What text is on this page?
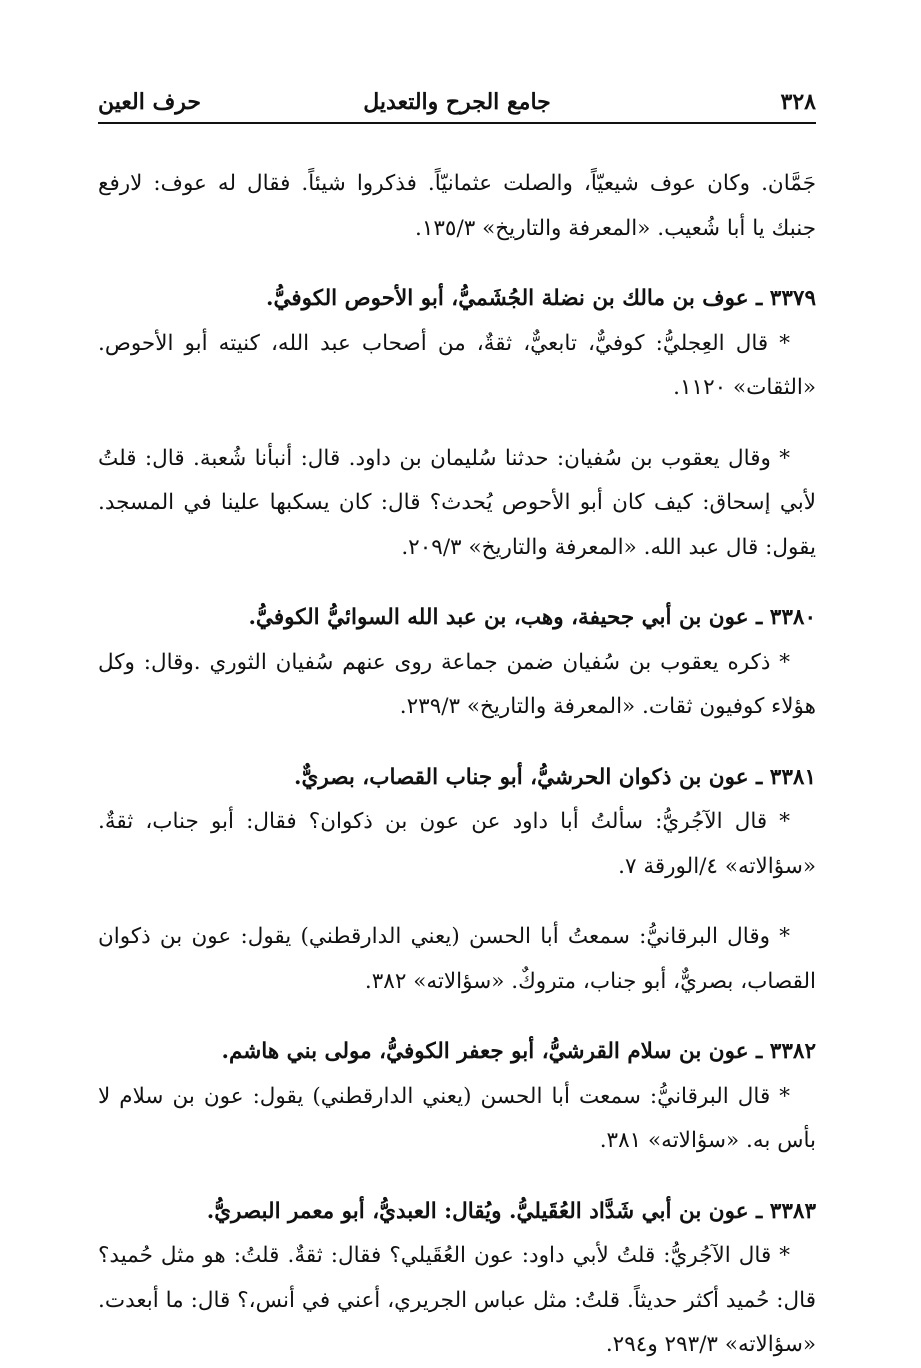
٣٢٨
جامع الجرح والتعديل
حرف العين

جَمَّان. وكان عوف شيعيّاً، والصلت عثمانيّاً. فذكروا شيئاً. فقال له عوف: لارفع جنبك يا أبا شُعيب. «المعرفة والتاريخ» ١٣٥/٣.

٣٣٧٩ ـ عوف بن مالك بن نضلة الجُشَميُّ، أبو الأحوص الكوفيُّ.

* قال العِجليُّ: كوفيٌّ، تابعيٌّ، ثقةٌ، من أصحاب عبد الله، كنيته أبو الأحوص. «الثقات» ١١٢٠.

* وقال يعقوب بن سُفيان: حدثنا سُليمان بن داود. قال: أنبأنا شُعبة. قال: قلتُ لأبي إسحاق: كيف كان أبو الأحوص يُحدث؟ قال: كان يسكبها علينا في المسجد. يقول: قال عبد الله. «المعرفة والتاريخ» ٢٠٩/٣.

٣٣٨٠ ـ عون بن أبي جحيفة، وهب، بن عبد الله السوائيُّ الكوفيُّ.

* ذكره يعقوب بن سُفيان ضمن جماعة روى عنهم سُفيان الثوري .وقال: وكل هؤلاء كوفيون ثقات. «المعرفة والتاريخ» ٢٣٩/٣.

٣٣٨١ ـ عون بن ذكوان الحرشيُّ، أبو جناب القصاب، بصريٌّ.

* قال الآجُريُّ: سألتُ أبا داود عن عون بن ذكوان؟ فقال: أبو جناب، ثقةٌ. «سؤالاته» ٤/الورقة ٧.

* وقال البرقانيُّ: سمعتُ أبا الحسن (يعني الدارقطني) يقول: عون بن ذكوان القصاب، بصريٌّ، أبو جناب، متروكٌ. «سؤالاته» ٣٨٢.

٣٣٨٢ ـ عون بن سلام القرشيُّ، أبو جعفر الكوفيُّ، مولى بني هاشم.

* قال البرقانيُّ: سمعت أبا الحسن (يعني الدارقطني) يقول: عون بن سلام لا بأس به. «سؤالاته» ٣٨١.

٣٣٨٣ ـ عون بن أبي شَدَّاد العُقَيليُّ. ويُقال: العبديُّ، أبو معمر البصريُّ.

* قال الآجُريُّ: قلتُ لأبي داود: عون العُقَيلي؟ فقال: ثقةٌ. قلتُ: هو مثل حُميد؟ قال: حُميد أكثر حديثاً. قلتُ: مثل عباس الجريري، أعني في أنس،؟ قال: ما أبعدت. «سؤالاته» ٢٩٣/٣ و٢٩٤.
